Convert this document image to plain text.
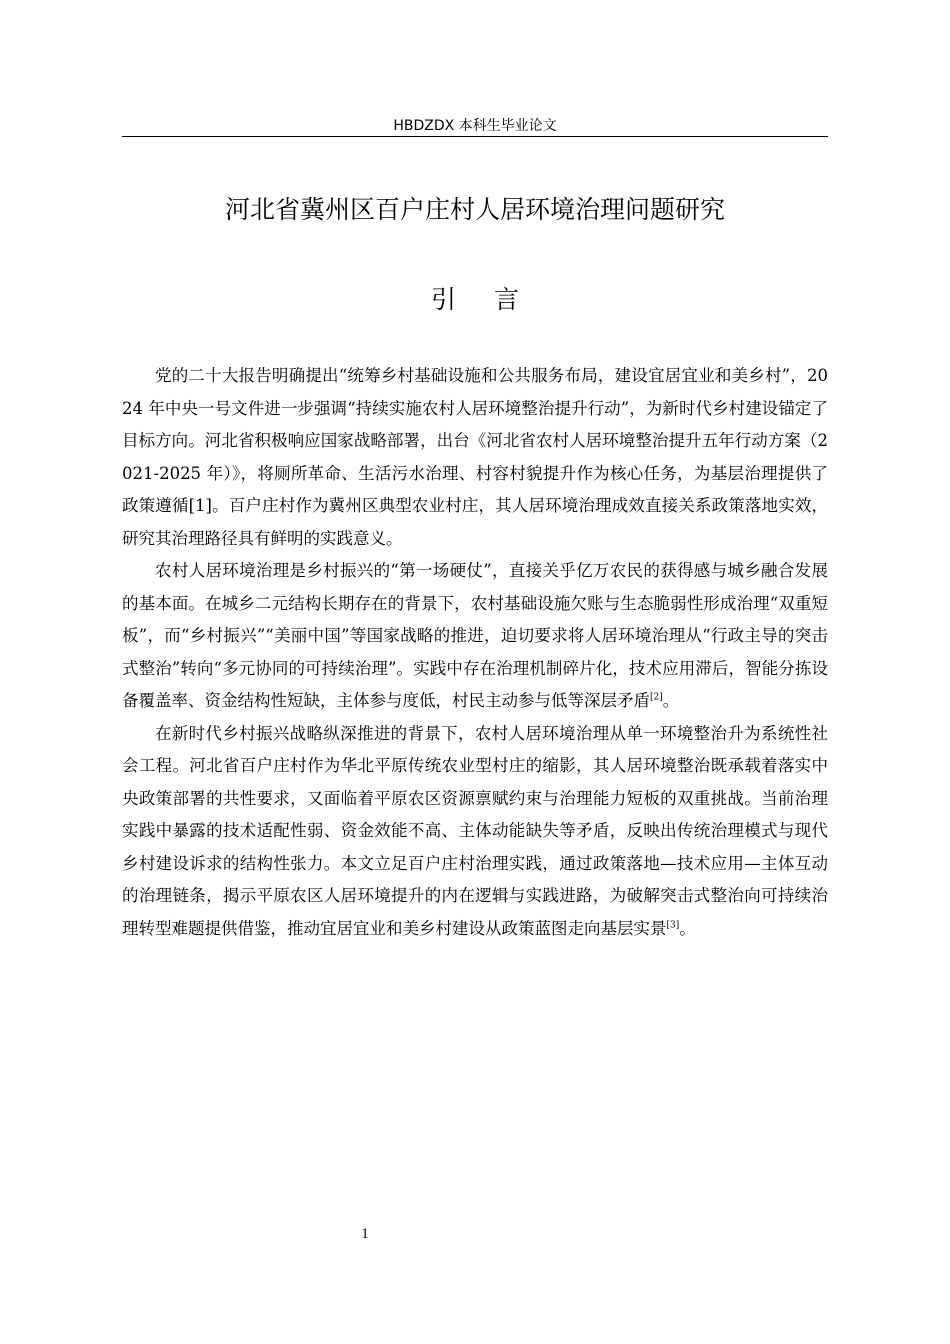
HBDZDX 本科生毕业论文
河北省冀州区百户庄村人居环境治理问题研究
引言

党的二十大报告明确提出“统筹乡村基础设施和公共服务布局，建设宜居宜业和美乡村”，2024 年中央一号文件进一步强调“持续实施农村人居环境整治提升行动”，为新时代乡村建设锚定了目标方向。河北省积极响应国家战略部署，出台《河北省农村人居环境整治提升五年行动方案（2021-2025 年）》，将厕所革命、生活污水治理、村容村貌提升作为核心任务，为基层治理提供了政策遵循[1]。百户庄村作为冀州区典型农业村庄，其人居环境治理成效直接关系政策落地实效，研究其治理路径具有鲜明的实践意义。

农村人居环境治理是乡村振兴的“第一场硬仗”，直接关乎亿万农民的获得感与城乡融合发展的基本面。在城乡二元结构长期存在的背景下，农村基础设施欠账与生态脆弱性形成治理“双重短板”，而“乡村振兴”“美丽中国”等国家战略的推进，迫切要求将人居环境治理从“行政主导的突击式整治”转向“多元协同的可持续治理”。实践中存在治理机制碎片化，技术应用滞后，智能分拣设备覆盖率、资金结构性短缺，主体参与度低，村民主动参与低等深层矛盾[2]。

在新时代乡村振兴战略纵深推进的背景下，农村人居环境治理从单一环境整治升为系统性社会工程。河北省百户庄村作为华北平原传统农业型村庄的缩影，其人居环境整治既承载着落实中央政策部署的共性要求，又面临着平原农区资源禀赋约束与治理能力短板的双重挑战。当前治理实践中暴露的技术适配性弱、资金效能不高、主体动能缺失等矛盾，反映出传统治理模式与现代乡村建设诉求的结构性张力。本文立足百户庄村治理实践，通过政策落地—技术应用—主体互动的治理链条，揭示平原农区人居环境提升的内在逻辑与实践进路，为破解突击式整治向可持续治理转型难题提供借鉴，推动宜居宜业和美乡村建设从政策蓝图走向基层实景[3]。

1
